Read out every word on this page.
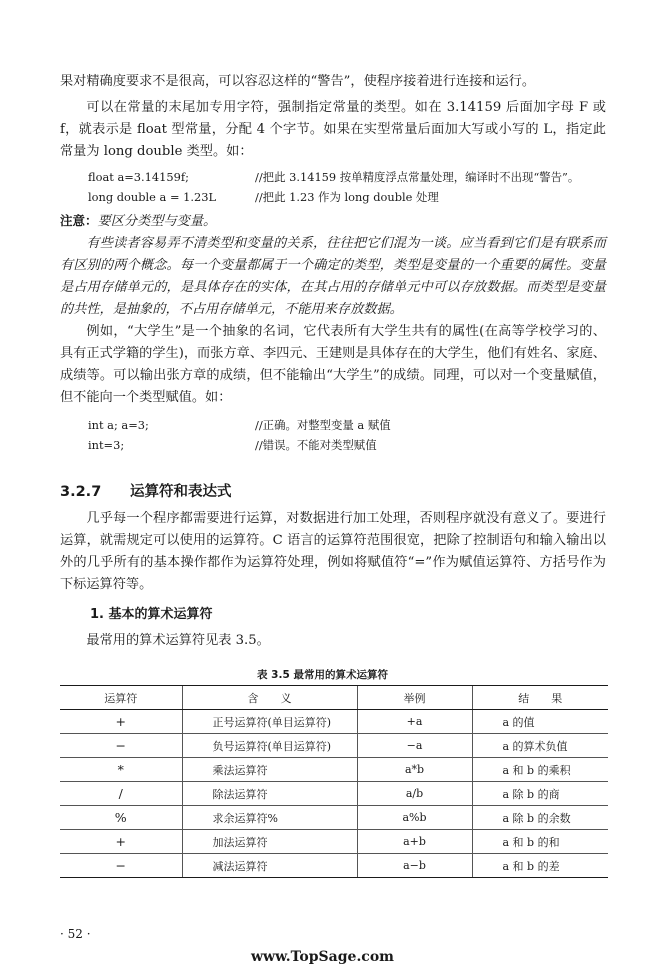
果对精确度要求不是很高，可以容忍这样的“警告”，使程序接着进行连接和运行。

可以在常量的末尾加专用字符，强制指定常量的类型。如在 3.14159 后面加字母 F 或 f，就表示是 float 型常量，分配 4 个字节。如果在实型常量后面加大写或小写的 L，指定此常量为 long double 类型。如：

float a=3.14159f;	//把此 3.14159 按单精度浮点常量处理，编译时不出现“警告”。
long double a = 1.23L	//把此 1.23 作为 long double 处理

注意：要区分类型与变量。

有些读者容易弄不清类型和变量的关系，往往把它们混为一谈。应当看到它们是有联系而有区别的两个概念。每一个变量都属于一个确定的类型，类型是变量的一个重要的属性。变量是占用存储单元的，是具体存在的实体，在其占用的存储单元中可以存放数据。而类型是变量的共性，是抽象的，不占用存储单元，不能用来存放数据。

例如，“大学生”是一个抽象的名词，它代表所有大学生共有的属性(在高等学校学习的、具有正式学籍的学生)，而张方章、李四元、王建则是具体存在的大学生，他们有姓名、家庭、成绩等。可以输出张方章的成绩，但不能输出“大学生”的成绩。同理，可以对一个变量赋值，但不能向一个类型赋值。如：

int a; a=3;	//正确。对整型变量 a 赋值
int=3;	//错误。不能对类型赋值
3.2.7 运算符和表达式

几乎每一个程序都需要进行运算，对数据进行加工处理，否则程序就没有意义了。要进行运算，就需规定可以使用的运算符。C 语言的运算符范围很宽，把除了控制语句和输入输出以外的几乎所有的基本操作都作为运算符处理，例如将赋值符“=”作为赋值运算符、方括号作为下标运算符等。

1. 基本的算术运算符

最常用的算术运算符见表 3.5。

表 3.5 最常用的算术运算符
运算符	含　　义	举例	结　　果
+	正号运算符(单目运算符)	+a	a 的值
−	负号运算符(单目运算符)	−a	a 的算术负值
*	乘法运算符	a*b	a 和 b 的乘积
/	除法运算符	a/b	a 除 b 的商
%	求余运算符%	a%b	a 除 b 的余数
+	加法运算符	a+b	a 和 b 的和
−	减法运算符	a−b	a 和 b 的差
· 52 ·
www.TopSage.com
